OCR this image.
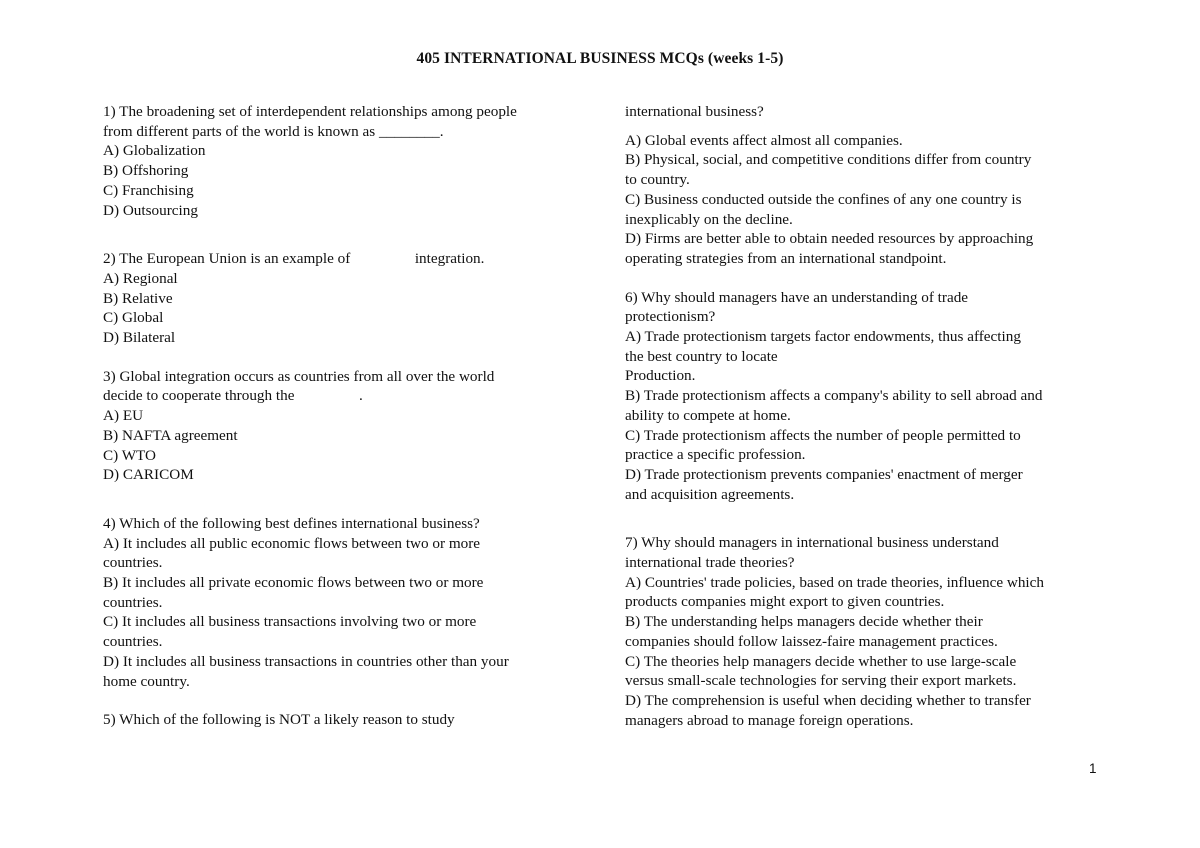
405 INTERNATIONAL BUSINESS MCQs (weeks 1-5)
1) The broadening set of interdependent relationships among people
from different parts of the world is known as ________.
A) Globalization
B) Offshoring
C) Franchising
D) Outsourcing
2) The European Union is an example of                 integration.
A) Regional
B) Relative
C) Global
D) Bilateral
3) Global integration occurs as countries from all over the world
decide to cooperate through the                 .
A) EU
B) NAFTA agreement
C) WTO
D) CARICOM
4) Which of the following best defines international business?
A) It includes all public economic flows between two or more
countries.
B) It includes all private economic flows between two or more
countries.
C) It includes all business transactions involving two or more
countries.
D) It includes all business transactions in countries other than your
home country.
5) Which of the following is NOT a likely reason to study
international business?
A) Global events affect almost all companies.
B) Physical, social, and competitive conditions differ from country
to country.
C) Business conducted outside the confines of any one country is
inexplicably on the decline.
D) Firms are better able to obtain needed resources by approaching
operating strategies from an international standpoint.
6) Why should managers have an understanding of trade
protectionism?
A) Trade protectionism targets factor endowments, thus affecting
the best country to locate
Production.
B) Trade protectionism affects a company's ability to sell abroad and
ability to compete at home.
C) Trade protectionism affects the number of people permitted to
practice a specific profession.
D) Trade protectionism prevents companies' enactment of merger
and acquisition agreements.
7) Why should managers in international business understand
international trade theories?
A) Countries' trade policies, based on trade theories, influence which
products companies might export to given countries.
B) The understanding helps managers decide whether their
companies should follow laissez-faire management practices.
C) The theories help managers decide whether to use large-scale
versus small-scale technologies for serving their export markets.
D) The comprehension is useful when deciding whether to transfer
managers abroad to manage foreign operations.
1
